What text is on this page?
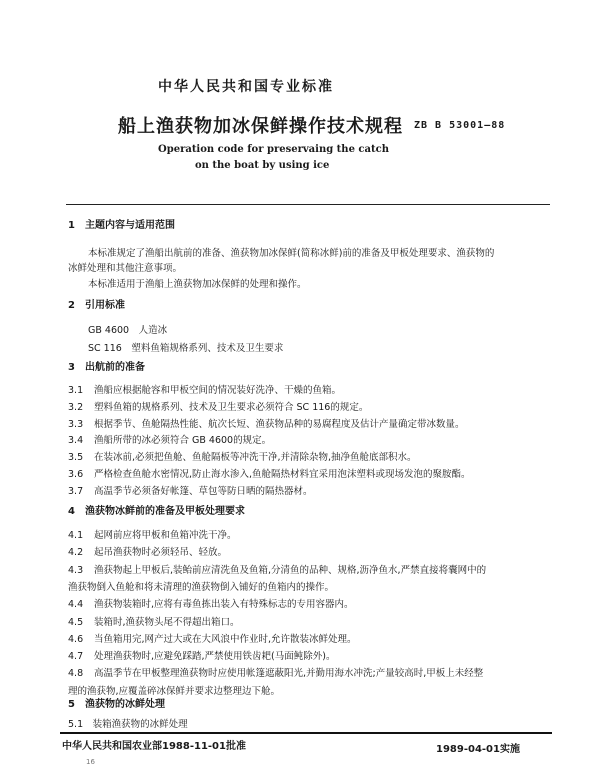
中华人民共和国专业标准
船上渔获物加冰保鲜操作技术规程 ZB B 53001—88
Operation code for preservaing the catch
on the boat by using ice
1　主题内容与适用范围
本标准规定了渔船出航前的准备、渔获物加冰保鲜(简称冰鲜)前的准备及甲板处理要求、渔获物的
冰鲜处理和其他注意事项。
本标准适用于渔船上渔获物加冰保鲜的处理和操作。
2　引用标准
GB 4600　人造冰
SC 116　塑料鱼箱规格系列、技术及卫生要求
3　出航前的准备
3.1 渔船应根据舱容和甲板空间的情况装好洗净、干燥的鱼箱。
3.2 塑料鱼箱的规格系列、技术及卫生要求必须符合 SC 116的规定。
3.3 根据季节、鱼舱隔热性能、航次长短、渔获物品种的易腐程度及估计产量确定带冰数量。
3.4 渔船所带的冰必须符合 GB 4600的规定。
3.5 在装冰前,必须把鱼舱、鱼舱隔板等冲洗干净,并清除杂物,抽净鱼舱底部积水。
3.6 严格检查鱼舱水密情况,防止海水渗入,鱼舱隔热材料宜采用泡沫塑料或现场发泡的聚胺酯。
3.7 高温季节必须备好帐篷、草包等防日晒的隔热器材。
4　渔获物冰鲜前的准备及甲板处理要求
4.1 起网前应将甲板和鱼箱冲洗干净。
4.2 起吊渔获物时必须轻吊、轻放。
4.3 渔获物起上甲板后,装鲐前应清洗鱼及鱼箱,分清鱼的品种、规格,沥净鱼水,严禁直接将囊网中的
渔获物倒入鱼舱和将未清理的渔获物倒入铺好的鱼箱内的操作。
4.4 渔获物装箱时,应将有毒鱼拣出装入有特殊标志的专用容器内。
4.5 装箱时,渔获物头尾不得超出箱口。
4.6 当鱼箱用完,网产过大或在大风浪中作业时,允许散装冰鲜处理。
4.7 处理渔获物时,应避免踩踏,严禁使用铁齿耙(马面鲀除外)。
4.8 高温季节在甲板整理渔获物时应使用帐篷遮蔽阳光,并勤用海水冲洗;产量较高时,甲板上未经整
理的渔获物,应覆盖碎冰保鲜并要求边整理边下舱。
5　渔获物的冰鲜处理
5.1　装箱渔获物的冰鲜处理
中华人民共和国农业部1988-11-01批准	1989-04-01实施
16
